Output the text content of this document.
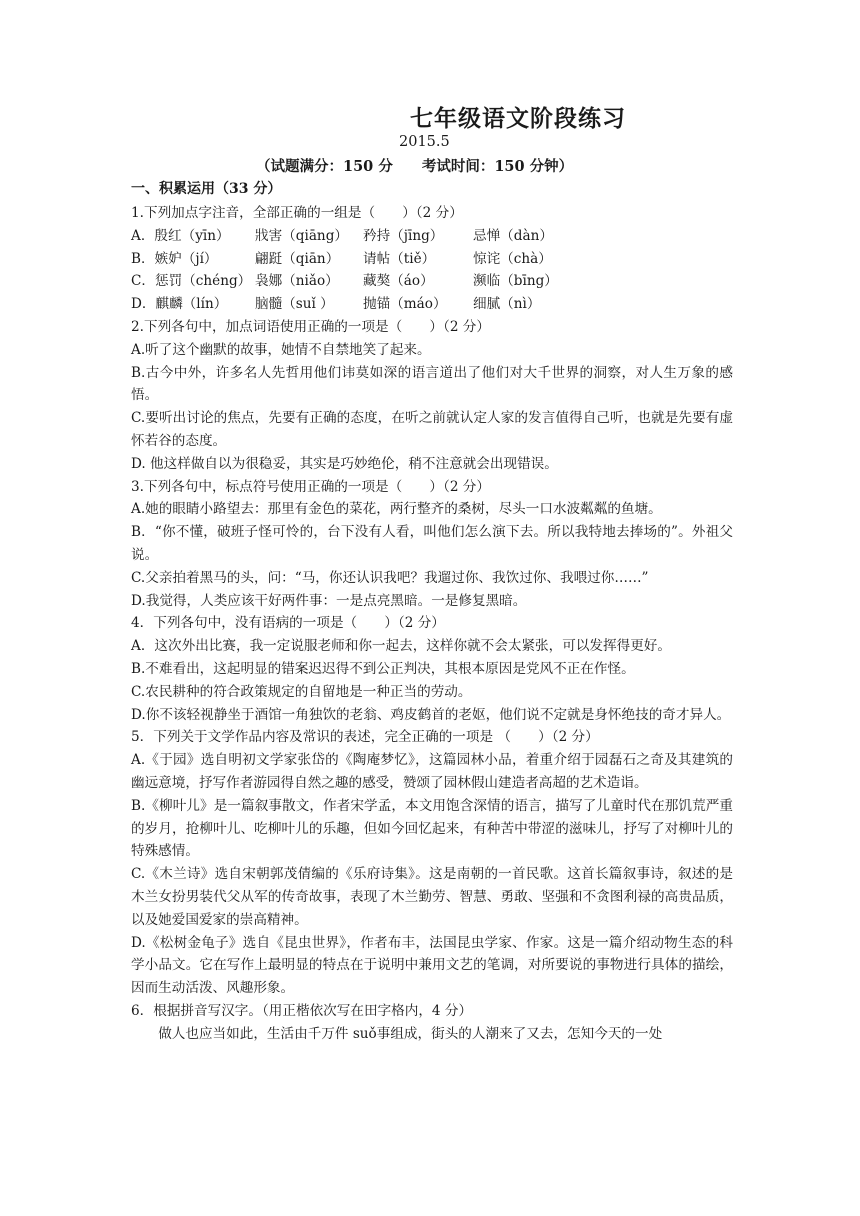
七年级语文阶段练习
2015.5
（试题满分：150 分　　考试时间：150 分钟）
一、积累运用（33 分）
1.下列加点字注音，全部正确的一组是（　　）（2 分）
A．殷红（yīn） 戕害（qiāng） 矜持（jīng） 忌惮（dàn）
B．嫉妒（jí）	翩跹（qiān） 请帖（tiě）	惊诧（chà）
C．惩罚（chéng） 袅娜（niǎo） 藏獒（áo）	濒临（bīng）
D．麒麟（lín） 脑髓（suǐ ） 抛锚（máo） 细腻（nì）
2.下列各句中，加点词语使用正确的一项是（　　）（2 分）
A.听了这个幽默的故事，她情不自禁地笑了起来。
B.古今中外，许多名人先哲用他们讳莫如深的语言道出了他们对大千世界的洞察，对人生万象的感悟。
C.要听出讨论的焦点，先要有正确的态度，在听之前就认定人家的发言值得自己听，也就是先要有虚怀若谷的态度。
D. 他这样做自以为很稳妥，其实是巧妙绝伦，稍不注意就会出现错误。
3.下列各句中，标点符号使用正确的一项是（　　）（2 分）
A.她的眼睛小路望去：那里有金色的菜花，两行整齐的桑树，尽头一口水波粼粼的鱼塘。
B．“你不懂，破班子怪可怜的，台下没有人看，叫他们怎么演下去。所以我特地去捧场的”。外祖父说。
C.父亲拍着黑马的头，问：“马，你还认识我吧？我遛过你、我饮过你、我喂过你……”
D.我觉得，人类应该干好两件事：一是点亮黑暗。一是修复黑暗。
4．下列各句中，没有语病的一项是（　　）（2 分）
A．这次外出比赛，我一定说服老师和你一起去，这样你就不会太紧张，可以发挥得更好。
B.不难看出，这起明显的错案迟迟得不到公正判决，其根本原因是党风不正在作怪。
C.农民耕种的符合政策规定的自留地是一种正当的劳动。
D.你不该轻视静坐于酒馆一角独饮的老翁、鸡皮鹤首的老妪，他们说不定就是身怀绝技的奇才异人。
5．下列关于文学作品内容及常识的表述，完全正确的一项是 （　　）（2 分）
A.《于园》选自明初文学家张岱的《陶庵梦忆》，这篇园林小品，着重介绍于园磊石之奇及其建筑的幽远意境，抒写作者游园得自然之趣的感受，赞颂了园林假山建造者高超的艺术造诣。
B.《柳叶儿》是一篇叙事散文，作者宋学孟，本文用饱含深情的语言，描写了儿童时代在那饥荒严重的岁月，抢柳叶儿、吃柳叶儿的乐趣，但如今回忆起来，有种苦中带涩的滋味儿，抒写了对柳叶儿的特殊感情。
C.《木兰诗》选自宋朝郭茂倩编的《乐府诗集》。这是南朝的一首民歌。这首长篇叙事诗，叙述的是木兰女扮男装代父从军的传奇故事，表现了木兰勤劳、智慧、勇敢、坚强和不贪图利禄的高贵品质，以及她爱国爱家的崇高精神。
D.《松树金龟子》选自《昆虫世界》，作者布丰，法国昆虫学家、作家。这是一篇介绍动物生态的科学小品文。它在写作上最明显的特点在于说明中兼用文艺的笔调，对所要说的事物进行具体的描绘，因而生动活泼、风趣形象。
6．根据拼音写汉字。（用正楷依次写在田字格内，4 分）
做人也应当如此，生活由千万件 suǒ事组成，街头的人潮来了又去，怎知今天的一处
